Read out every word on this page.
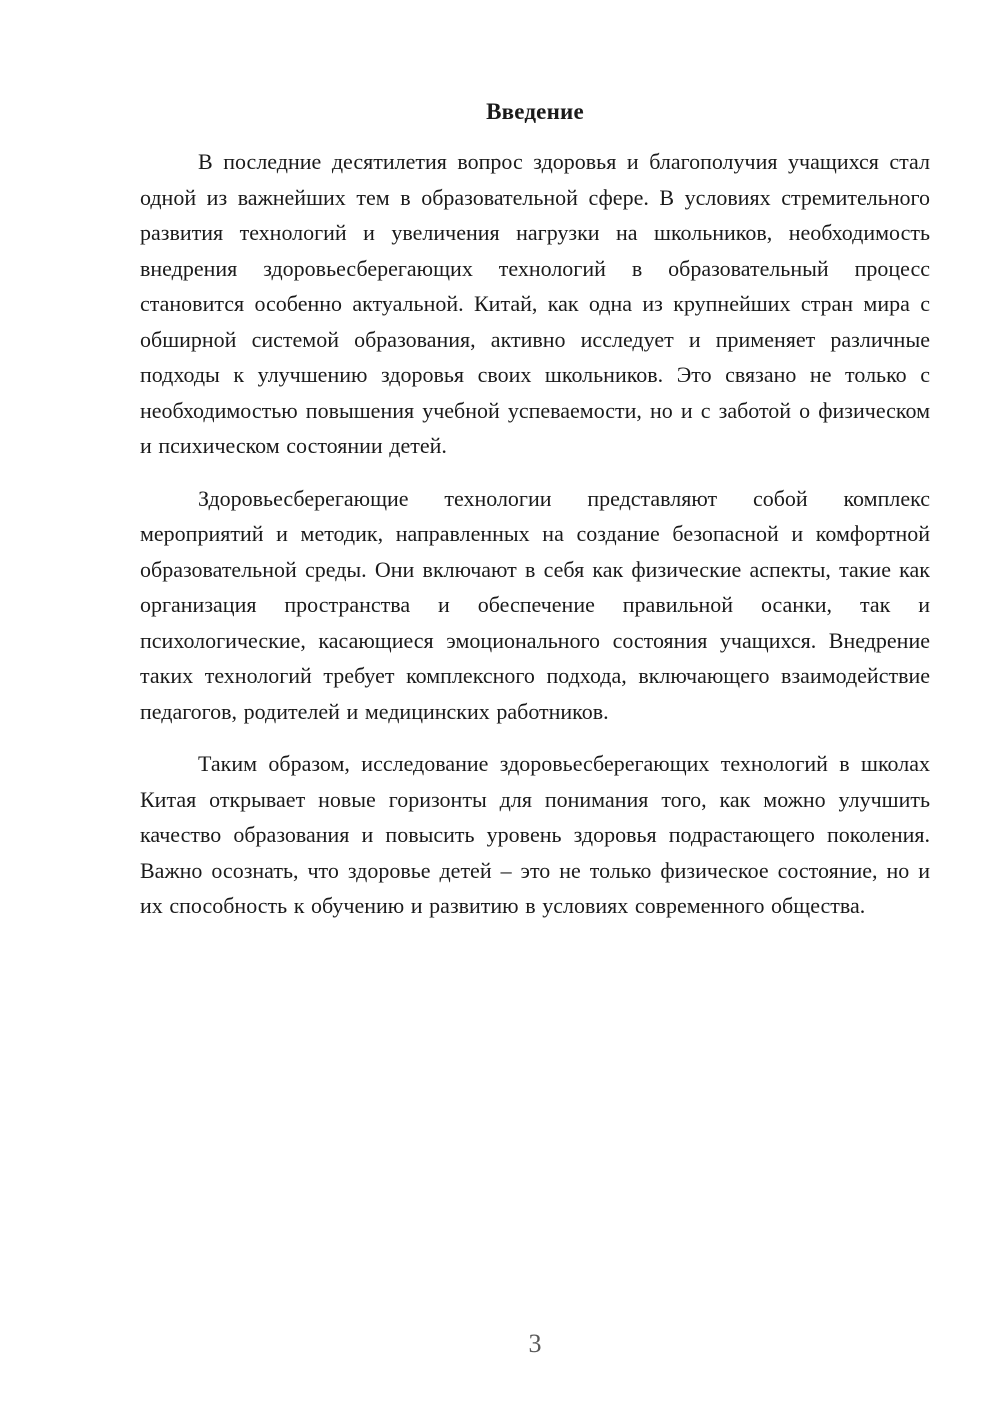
Введение

В последние десятилетия вопрос здоровья и благополучия учащихся стал одной из важнейших тем в образовательной сфере. В условиях стремительного развития технологий и увеличения нагрузки на школьников, необходимость внедрения здоровьесберегающих технологий в образовательный процесс становится особенно актуальной. Китай, как одна из крупнейших стран мира с обширной системой образования, активно исследует и применяет различные подходы к улучшению здоровья своих школьников. Это связано не только с необходимостью повышения учебной успеваемости, но и с заботой о физическом и психическом состоянии детей.

Здоровьесберегающие технологии представляют собой комплекс мероприятий и методик, направленных на создание безопасной и комфортной образовательной среды. Они включают в себя как физические аспекты, такие как организация пространства и обеспечение правильной осанки, так и психологические, касающиеся эмоционального состояния учащихся. Внедрение таких технологий требует комплексного подхода, включающего взаимодействие педагогов, родителей и медицинских работников.

Таким образом, исследование здоровьесберегающих технологий в школах Китая открывает новые горизонты для понимания того, как можно улучшить качество образования и повысить уровень здоровья подрастающего поколения. Важно осознать, что здоровье детей – это не только физическое состояние, но и их способность к обучению и развитию в условиях современного общества.

3
